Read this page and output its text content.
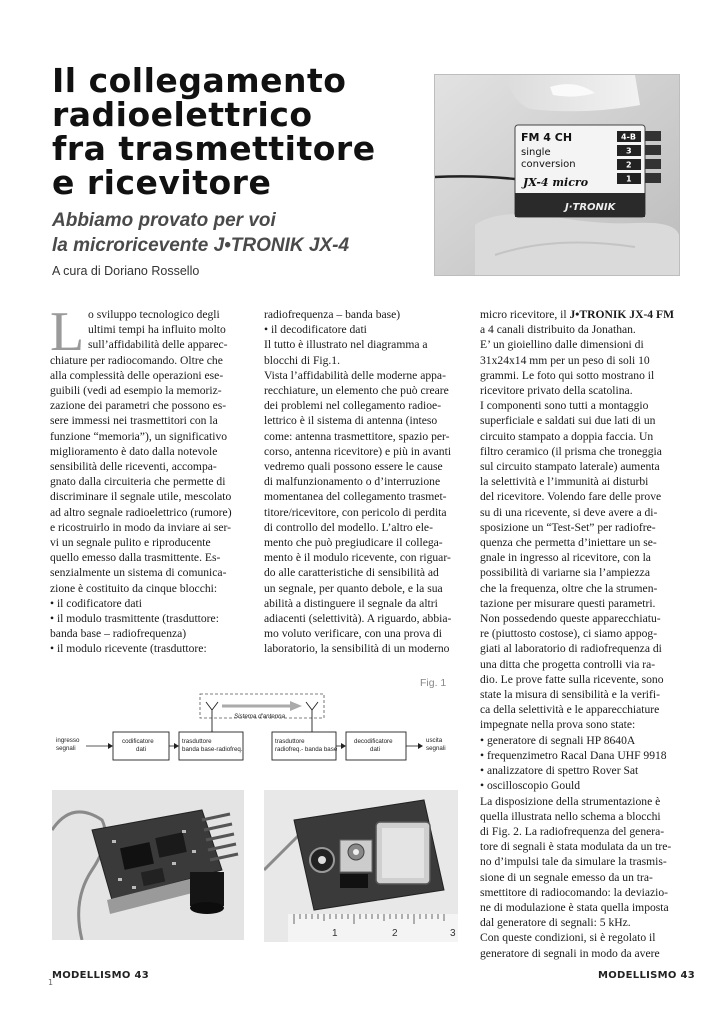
Il collegamento
radioelettrico
fra trasmettitore
e ricevitore
Abbiamo provato per voi
la microricevente J•TRONIK JX-4
A cura di Doriano Rossello
FM 4 CH
single
conversion
4-B
3
2
1
JX-4 micro
J·TRONIK
L o sviluppo tecnologico degli

ultimi tempi ha influito molto

sull’affidabilità delle apparec-

chiature per radiocomando. Oltre che

alla complessità delle operazioni ese-

guibili (vedi ad esempio la memoriz-

zazione dei parametri che possono es-

sere immessi nei trasmettitori con la

funzione “memoria”), un significativo

miglioramento è dato dalla notevole

sensibilità delle riceventi, accompa-

gnato dalla circuiteria che permette di

discriminare il segnale utile, mescolato

ad altro segnale radioelettrico (rumore)

e ricostruirlo in modo da inviare ai ser-

vi un segnale pulito e riproducente

quello emesso dalla trasmittente. Es-

senzialmente un sistema di comunica-

zione è costituito da cinque blocchi:

• il codificatore dati

• il modulo trasmittente (trasduttore:

banda base – radiofrequenza)

• il modulo ricevente (trasduttore:

radiofrequenza – banda base)

• il decodificatore dati

Il tutto è illustrato nel diagramma a

blocchi di Fig.1.

Vista l’affidabilità delle moderne appa-

recchiature, un elemento che può creare

dei problemi nel collegamento radioe-

lettrico è il sistema di antenna (inteso

come: antenna trasmettitore, spazio per-

corso, antenna ricevitore) e più in avanti

vedremo quali possono essere le cause

di malfunzionamento o d’interruzione

momentanea del collegamento trasmet-

titore/ricevitore, con pericolo di perdita

di controllo del modello. L’altro ele-

mento che può pregiudicare il collega-

mento è il modulo ricevente, con riguar-

do alle caratteristiche di sensibilità ad

un segnale, per quanto debole, e la sua

abilità a distinguere il segnale da altri

adiacenti (selettività). A riguardo, abbia-

mo voluto verificare, con una prova di

laboratorio, la sensibilità di un moderno

micro ricevitore, il J•TRONIK JX-4 FM

a 4 canali distribuito da Jonathan.

E’ un gioiellino dalle dimensioni di

31x24x14 mm per un peso di soli 10

grammi. Le foto qui sotto mostrano il

ricevitore privato della scatolina.

I componenti sono tutti a montaggio

superficiale e saldati sui due lati di un

circuito stampato a doppia faccia. Un

filtro ceramico (il prisma che troneggia

sul circuito stampato laterale) aumenta

la selettività e l’immunità ai disturbi

del ricevitore. Volendo fare delle prove

su di una ricevente, si deve avere a di-

sposizione un “Test-Set” per radiofre-

quenza che permetta d’iniettare un se-

gnale in ingresso al ricevitore, con la

possibilità di variarne sia l’ampiezza

che la frequenza, oltre che la strumen-

tazione per misurare questi parametri.

Non possedendo queste apparecchiatu-

re (piuttosto costose), ci siamo appog-

giati al laboratorio di radiofrequenza di

una ditta che progetta controlli via ra-

dio. Le prove fatte sulla ricevente, sono

state la misura di sensibilità e la verifi-

ca della selettività e le apparecchiature

impegnate nella prova sono state:

• generatore di segnali HP 8640A

• frequenzimetro Racal Dana UHF 9918

• analizzatore di spettro Rover Sat

• oscilloscopio Gould

La disposizione della strumentazione è

quella illustrata nello schema a blocchi

di Fig. 2. La radiofrequenza del genera-

tore di segnali è stata modulata da un tre-

no d’impulsi tale da simulare la trasmis-

sione di un segnale emesso da un tra-

smettitore di radiocomando: la deviazio-

ne di modulazione è stata quella imposta

dal generatore di segnali: 5 kHz.

Con queste condizioni, si è regolato il

generatore di segnali in modo da avere

Fig. 1
Sistema d'antenna
ingresso
segnali
codificatore
dati
trasduttore
banda base-radiofreq.
trasduttore
radiofreq.- banda base
decodificatore
dati
uscita
segnali
1	2	3
MODELLISMO 43
1
MODELLISMO 43
